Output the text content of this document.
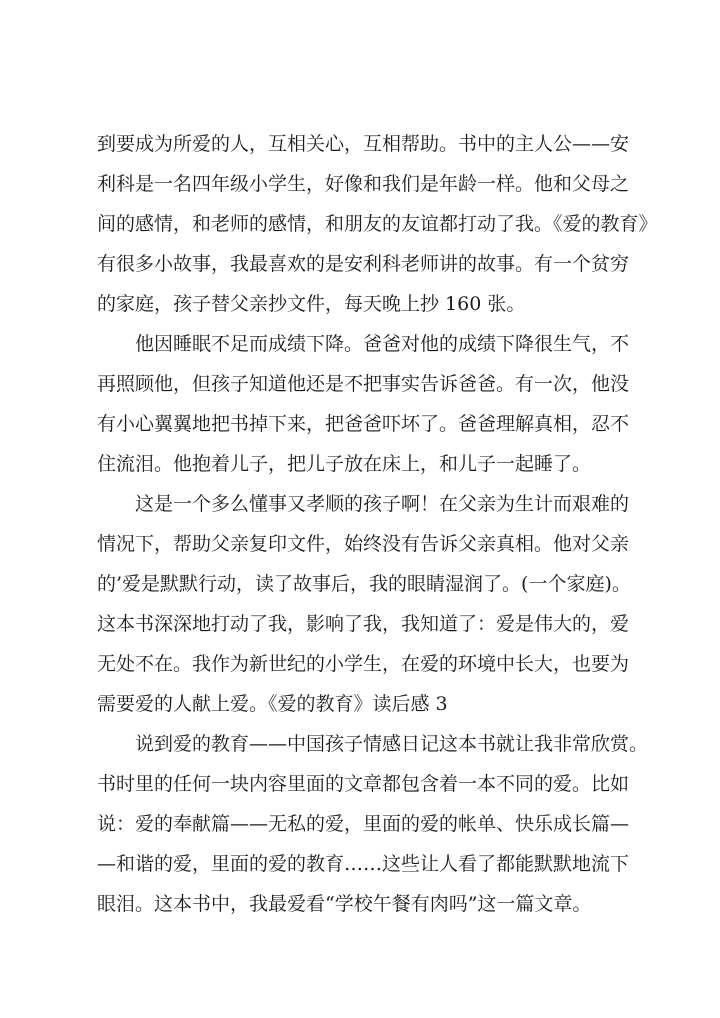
到要成为所爱的人，互相关心，互相帮助。书中的主人公——安
利科是一名四年级小学生，好像和我们是年龄一样。他和父母之
间的感情，和老师的感情，和朋友的友谊都打动了我。《爱的教育》
有很多小故事，我最喜欢的是安利科老师讲的故事。有一个贫穷
的家庭，孩子替父亲抄文件，每天晚上抄 160 张。
他因睡眠不足而成绩下降。爸爸对他的成绩下降很生气，不
再照顾他，但孩子知道他还是不把事实告诉爸爸。有一次，他没
有小心翼翼地把书掉下来，把爸爸吓坏了。爸爸理解真相，忍不
住流泪。他抱着儿子，把儿子放在床上，和儿子一起睡了。
这是一个多么懂事又孝顺的孩子啊！在父亲为生计而艰难的
情况下，帮助父亲复印文件，始终没有告诉父亲真相。他对父亲
的’爱是默默行动，读了故事后，我的眼睛湿润了。(一个家庭)。
这本书深深地打动了我，影响了我，我知道了：爱是伟大的，爱
无处不在。我作为新世纪的小学生，在爱的环境中长大，也要为
需要爱的人献上爱。《爱的教育》读后感 3
说到爱的教育——中国孩子情感日记这本书就让我非常欣赏。
书时里的任何一块内容里面的文章都包含着一本不同的爱。比如
说：爱的奉献篇——无私的爱，里面的爱的帐单、快乐成长篇—
—和谐的爱，里面的爱的教育……这些让人看了都能默默地流下
眼泪。这本书中，我最爱看“学校午餐有肉吗”这一篇文章。
